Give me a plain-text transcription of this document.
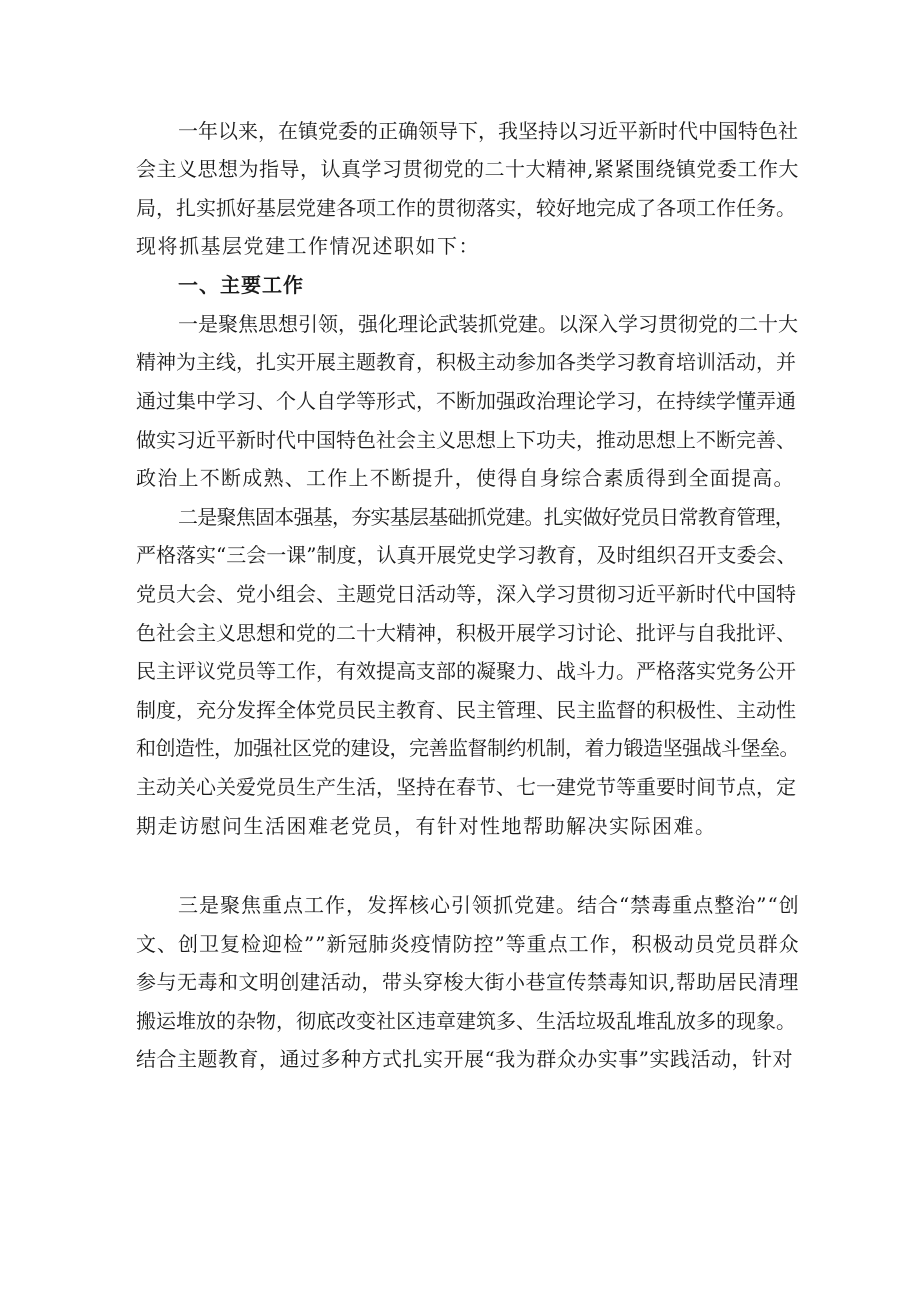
一年以来，在镇党委的正确领导下，我坚持以习近平新时代中国特色社
会主义思想为指导，认真学习贯彻党的二十大精神,紧紧围绕镇党委工作大
局，扎实抓好基层党建各项工作的贯彻落实，较好地完成了各项工作任务。
现将抓基层党建工作情况述职如下：
一、主要工作
一是聚焦思想引领，强化理论武装抓党建。以深入学习贯彻党的二十大
精神为主线，扎实开展主题教育，积极主动参加各类学习教育培训活动，并
通过集中学习、个人自学等形式，不断加强政治理论学习，在持续学懂弄通
做实习近平新时代中国特色社会主义思想上下功夫，推动思想上不断完善、
政治上不断成熟、工作上不断提升，使得自身综合素质得到全面提高。
二是聚焦固本强基，夯实基层基础抓党建。扎实做好党员日常教育管理，
严格落实“三会一课”制度，认真开展党史学习教育，及时组织召开支委会、
党员大会、党小组会、主题党日活动等，深入学习贯彻习近平新时代中国特
色社会主义思想和党的二十大精神，积极开展学习讨论、批评与自我批评、
民主评议党员等工作，有效提高支部的凝聚力、战斗力。严格落实党务公开
制度，充分发挥全体党员民主教育、民主管理、民主监督的积极性、主动性
和创造性，加强社区党的建设，完善监督制约机制，着力锻造坚强战斗堡垒。
主动关心关爱党员生产生活，坚持在春节、七一建党节等重要时间节点，定
期走访慰问生活困难老党员，有针对性地帮助解决实际困难。
三是聚焦重点工作，发挥核心引领抓党建。结合“禁毒重点整治”“创
文、创卫复检迎检””新冠肺炎疫情防控”等重点工作，积极动员党员群众
参与无毒和文明创建活动，带头穿梭大街小巷宣传禁毒知识,帮助居民清理
搬运堆放的杂物，彻底改变社区违章建筑多、生活垃圾乱堆乱放多的现象。
结合主题教育，通过多种方式扎实开展“我为群众办实事”实践活动，针对
